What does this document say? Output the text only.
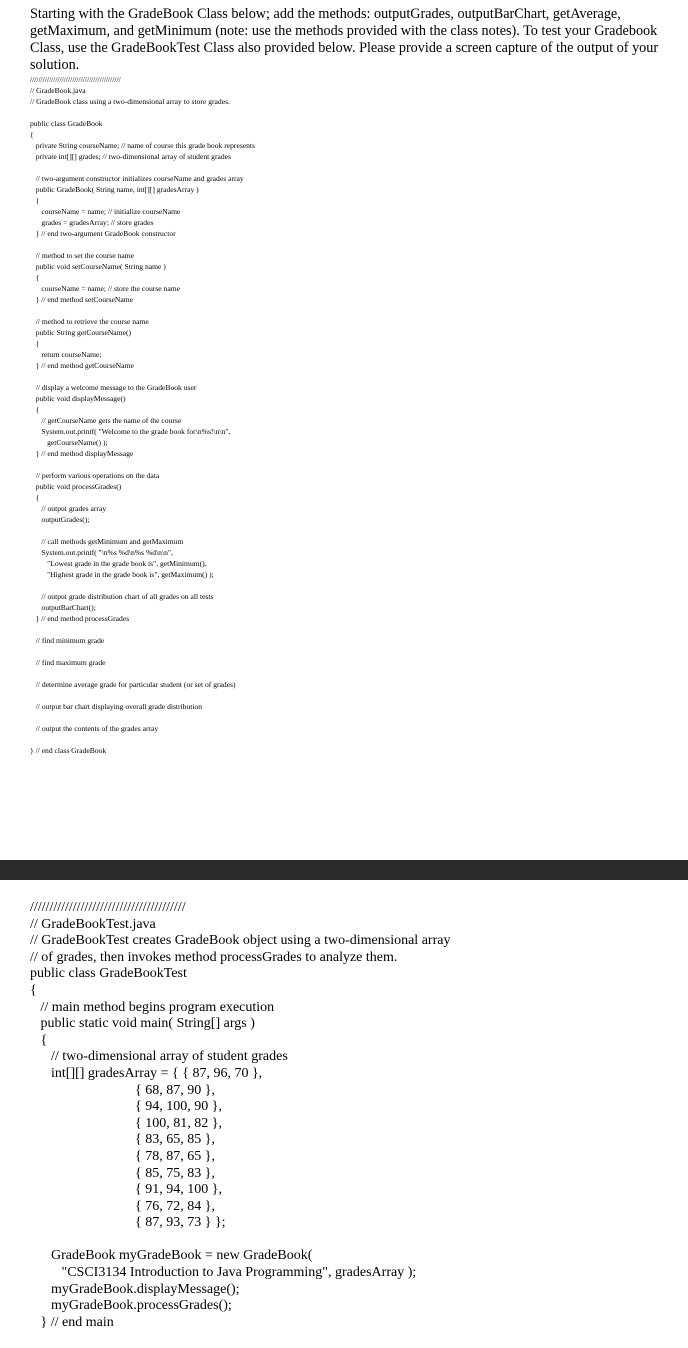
Starting with the GradeBook Class below; add the methods: outputGrades, outputBarChart, getAverage, getMaximum, and getMinimum (note: use the methods provided with the class notes). To test your Gradebook Class, use the GradeBookTest Class also provided below. Please provide a screen capture of the output of your solution.

///////////////////////////////////////////
// GradeBook.java
// GradeBook class using a two-dimensional array to store grades.
public class GradeBook
{
private String courseName; // name of course this grade book represents
private int[][] grades; // two-dimensional array of student grades
// two-argument constructor initializes courseName and grades array
public GradeBook( String name, int[][] gradesArray )
{
courseName = name; // initialize courseName
grades = gradesArray; // store grades
} // end two-argument GradeBook constructor
// method to set the course name
public void setCourseName( String name )
{
courseName = name; // store the course name
} // end method setCourseName
// method to retrieve the course name
public String getCourseName()
{
return courseName;
} // end method getCourseName
// display a welcome message to the GradeBook user
public void displayMessage()
{
// getCourseName gets the name of the course
System.out.printf( "Welcome to the grade book for\n%s!\n\n",
getCourseName() );
} // end method displayMessage
// perform various operations on the data
public void processGrades()
{
// output grades array
outputGrades();
// call methods getMinimum and getMaximum
System.out.printf( "\n%s %d\n%s %d\n\n",
"Lowest grade in the grade book is", getMinimum(),
"Highest grade in the grade book is", getMaximum() );
// output grade distribution chart of all grades on all tests
outputBarChart();
} // end method processGrades
// find minimum grade
// find maximum grade
// determine average grade for particular student (or set of grades)
// output bar chart displaying overall grade distribution
// output the contents of the grades array
} // end class GradeBook
////////////////////////////////////////
// GradeBookTest.java
// GradeBookTest creates GradeBook object using a two-dimensional array
// of grades, then invokes method processGrades to analyze them.
public class GradeBookTest
{
// main method begins program execution
public static void main( String[] args )
{
// two-dimensional array of student grades
int[][] gradesArray = { { 87, 96, 70 },
{ 68, 87, 90 },
{ 94, 100, 90 },
{ 100, 81, 82 },
{ 83, 65, 85 },
{ 78, 87, 65 },
{ 85, 75, 83 },
{ 91, 94, 100 },
{ 76, 72, 84 },
{ 87, 93, 73 } };
GradeBook myGradeBook = new GradeBook(
"CSCI3134 Introduction to Java Programming", gradesArray );
myGradeBook.displayMessage();
myGradeBook.processGrades();
} // end main
